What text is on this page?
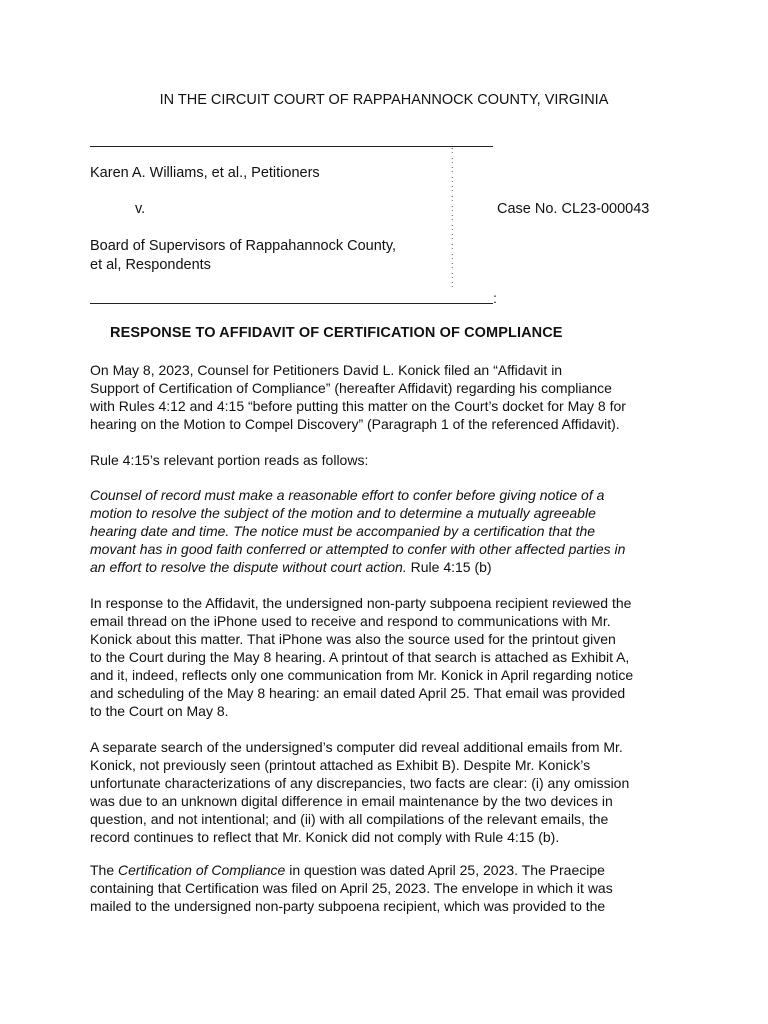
IN THE CIRCUIT COURT OF RAPPAHANNOCK COUNTY, VIRGINIA
:
:
:
:
:
:
:
:
:
:
:
:
:
:
:
Karen A. Williams, et al., Petitioners
v.	Case No. CL23-000043
Board of Supervisors of Rappahannock County,
et al, Respondents
:
RESPONSE TO AFFIDAVIT OF CERTIFICATION OF COMPLIANCE
On May 8, 2023, Counsel for Petitioners David L. Konick filed an “Affidavit in
Support of Certification of Compliance” (hereafter Affidavit) regarding his compliance
with Rules 4:12 and 4:15 “before putting this matter on the Court’s docket for May 8 for
hearing on the Motion to Compel Discovery” (Paragraph 1 of the referenced Affidavit).
Rule 4:15’s relevant portion reads as follows:
Counsel of record must make a reasonable effort to confer before giving notice of a
motion to resolve the subject of the motion and to determine a mutually agreeable
hearing date and time. The notice must be accompanied by a certification that the
movant has in good faith conferred or attempted to confer with other affected parties in
an effort to resolve the dispute without court action. Rule 4:15 (b)
In response to the Affidavit, the undersigned non-party subpoena recipient reviewed the
email thread on the iPhone used to receive and respond to communications with Mr.
Konick about this matter. That iPhone was also the source used for the printout given
to the Court during the May 8 hearing. A printout of that search is attached as Exhibit A,
and it, indeed, reflects only one communication from Mr. Konick in April regarding notice
and scheduling of the May 8 hearing: an email dated April 25. That email was provided
to the Court on May 8.
A separate search of the undersigned’s computer did reveal additional emails from Mr.
Konick, not previously seen (printout attached as Exhibit B). Despite Mr. Konick’s
unfortunate characterizations of any discrepancies, two facts are clear: (i) any omission
was due to an unknown digital difference in email maintenance by the two devices in
question, and not intentional; and (ii) with all compilations of the relevant emails, the
record continues to reflect that Mr. Konick did not comply with Rule 4:15 (b).
The Certification of Compliance in question was dated April 25, 2023. The Praecipe
containing that Certification was filed on April 25, 2023. The envelope in which it was
mailed to the undersigned non-party subpoena recipient, which was provided to the
